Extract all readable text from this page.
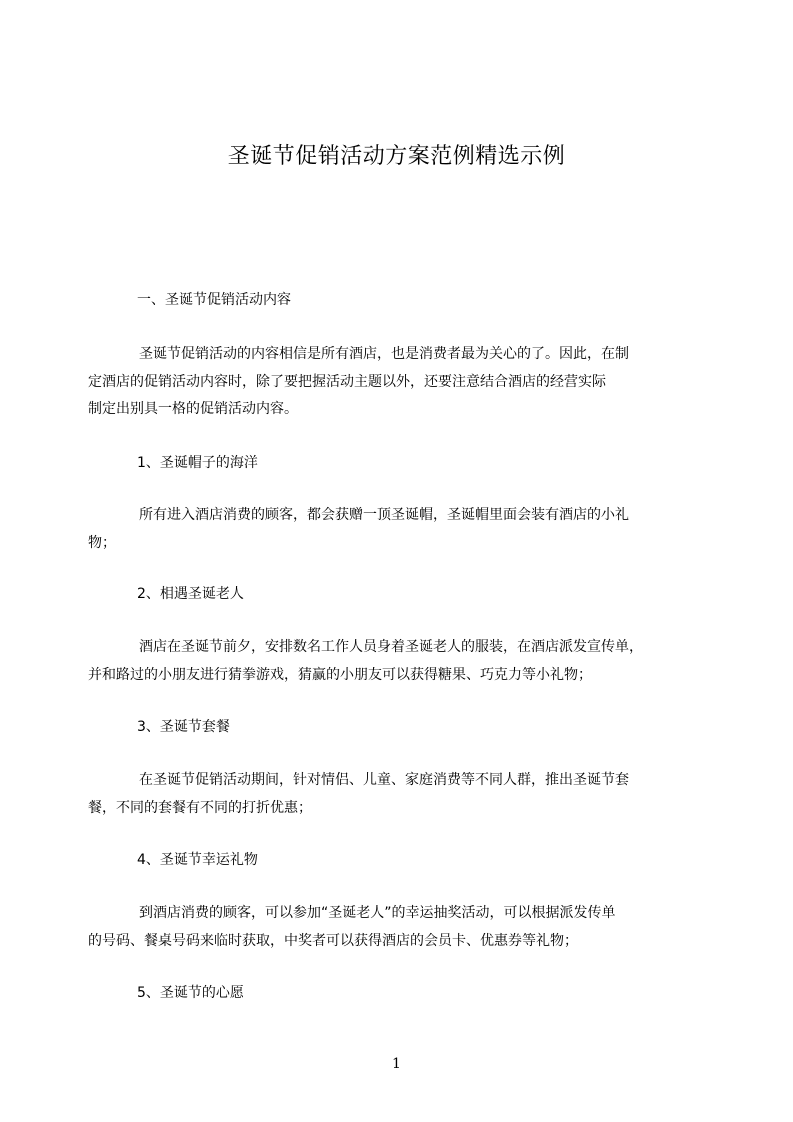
圣诞节促销活动方案范例精选示例
一、圣诞节促销活动内容
圣诞节促销活动的内容相信是所有酒店，也是消费者最为关心的了。因此，在制
定酒店的促销活动内容时，除了要把握活动主题以外，还要注意结合酒店的经营实际
制定出别具一格的促销活动内容。
1、圣诞帽子的海洋
所有进入酒店消费的顾客，都会获赠一顶圣诞帽，圣诞帽里面会装有酒店的小礼
物；
2、相遇圣诞老人
酒店在圣诞节前夕，安排数名工作人员身着圣诞老人的服装，在酒店派发宣传单，
并和路过的小朋友进行猜拳游戏，猜赢的小朋友可以获得糖果、巧克力等小礼物；
3、圣诞节套餐
在圣诞节促销活动期间，针对情侣、儿童、家庭消费等不同人群，推出圣诞节套
餐，不同的套餐有不同的打折优惠；
4、圣诞节幸运礼物
到酒店消费的顾客，可以参加“圣诞老人”的幸运抽奖活动，可以根据派发传单
的号码、餐桌号码来临时获取，中奖者可以获得酒店的会员卡、优惠券等礼物；
5、圣诞节的心愿
1
